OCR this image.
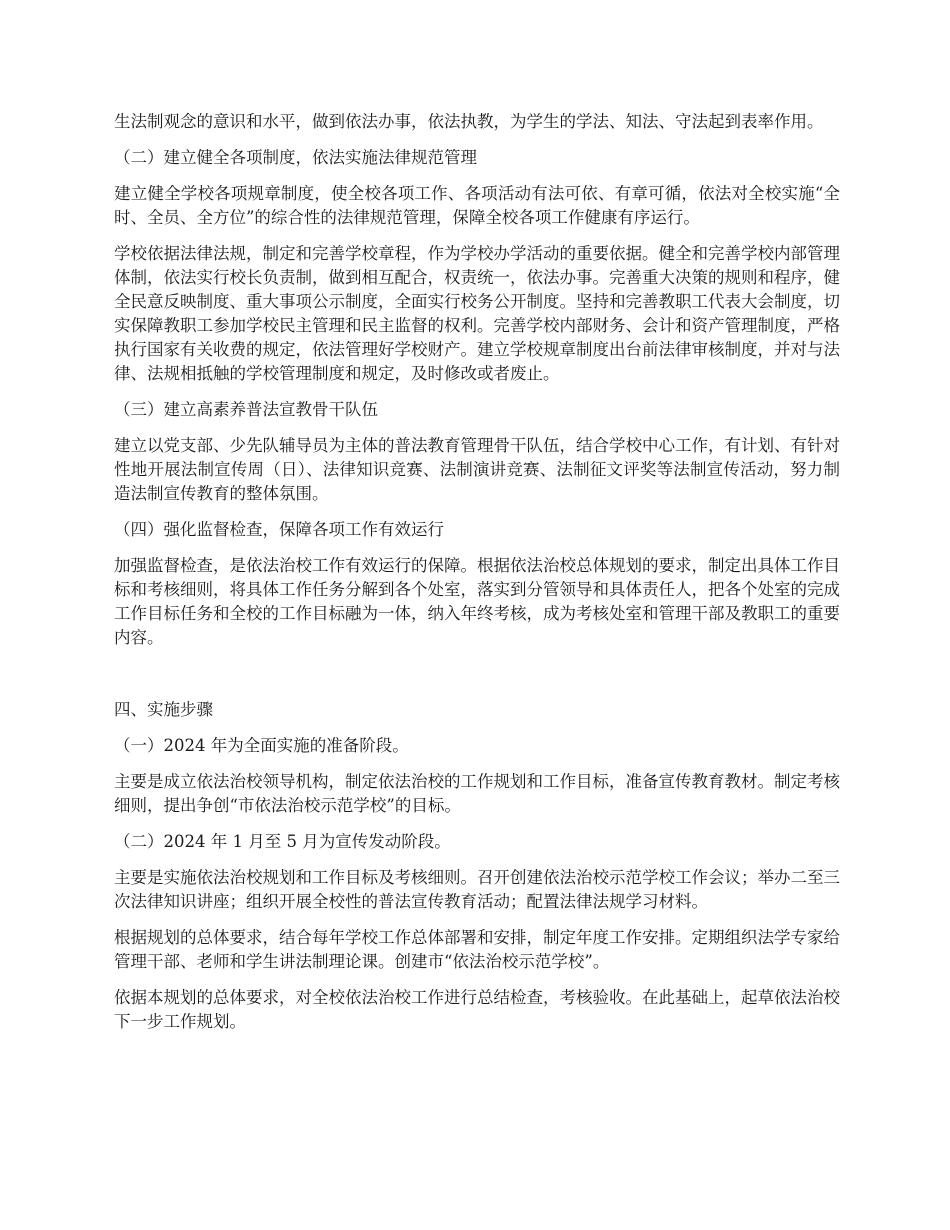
生法制观念的意识和水平，做到依法办事，依法执教，为学生的学法、知法、守法起到表率作用。

（二）建立健全各项制度，依法实施法律规范管理

建立健全学校各项规章制度，使全校各项工作、各项活动有法可依、有章可循，依法对全校实施“全时、全员、全方位”的综合性的法律规范管理，保障全校各项工作健康有序运行。

学校依据法律法规，制定和完善学校章程，作为学校办学活动的重要依据。健全和完善学校内部管理体制，依法实行校长负责制，做到相互配合，权责统一，依法办事。完善重大决策的规则和程序，健全民意反映制度、重大事项公示制度，全面实行校务公开制度。坚持和完善教职工代表大会制度，切实保障教职工参加学校民主管理和民主监督的权利。完善学校内部财务、会计和资产管理制度，严格执行国家有关收费的规定，依法管理好学校财产。建立学校规章制度出台前法律审核制度，并对与法律、法规相抵触的学校管理制度和规定，及时修改或者废止。

（三）建立高素养普法宣教骨干队伍

建立以党支部、少先队辅导员为主体的普法教育管理骨干队伍，结合学校中心工作，有计划、有针对性地开展法制宣传周（日）、法律知识竞赛、法制演讲竞赛、法制征文评奖等法制宣传活动，努力制造法制宣传教育的整体氛围。

（四）强化监督检查，保障各项工作有效运行

加强监督检查，是依法治校工作有效运行的保障。根据依法治校总体规划的要求，制定出具体工作目标和考核细则，将具体工作任务分解到各个处室，落实到分管领导和具体责任人，把各个处室的完成工作目标任务和全校的工作目标融为一体，纳入年终考核，成为考核处室和管理干部及教职工的重要内容。

四、实施步骤

（一）2024 年为全面实施的准备阶段。

主要是成立依法治校领导机构，制定依法治校的工作规划和工作目标，准备宣传教育教材。制定考核细则，提出争创“市依法治校示范学校”的目标。

（二）2024 年 1 月至 5 月为宣传发动阶段。

主要是实施依法治校规划和工作目标及考核细则。召开创建依法治校示范学校工作会议；举办二至三次法律知识讲座；组织开展全校性的普法宣传教育活动；配置法律法规学习材料。

根据规划的总体要求，结合每年学校工作总体部署和安排，制定年度工作安排。定期组织法学专家给管理干部、老师和学生讲法制理论课。创建市“依法治校示范学校”。

依据本规划的总体要求，对全校依法治校工作进行总结检查，考核验收。在此基础上，起草依法治校下一步工作规划。
